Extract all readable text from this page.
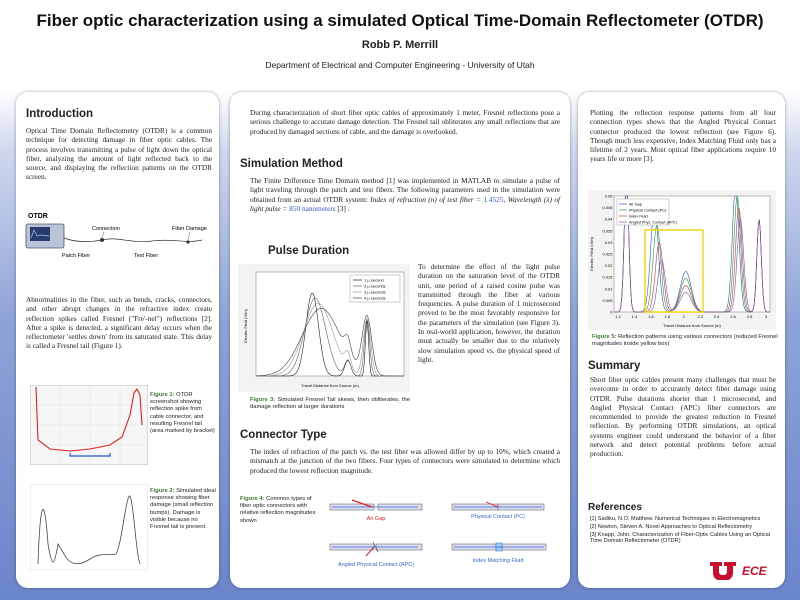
Fiber optic characterization using a simulated Optical Time-Domain Reflectometer (OTDR)
Robb P. Merrill
Department of Electrical and Computer Engineering - University of Utah
Introduction
Optical Time Domain Reflectometry (OTDR) is a common technique for detecting damage in fiber optic cables. The process involves transmitting a pulse of light down the optical fiber, analyzing the amount of light reflected back to the source, and displaying the reflection patterns on the OTDR screen.
OTDR
Connection	Fiber Damage
Patch Fiber	Test Fiber
Abnormalities in the fiber, such as bends, cracks, connectors, and other abrupt changes in the refractive index create reflection spikes called Fresnel ("Fre'-nel") reflections [2]. After a spike is detected, a significant delay occurs when the reflectometer 'settles down' from its saturated state. This delay is called a Fresnel tail (Figure 1).
Figure 1: OTDR screenshot showing reflection spike from cable connector, and resulting Fresnel tail (area marked by bracket)
Figure 2: Simulated ideal response showing fiber damage (small reflection bumps). Damage is visible because no Fresnel tail is present.
During characterization of short fiber optic cables of approximately 1 meter, Fresnel reflections pose a serious challenge to accurate damage detection. The Fresnel tail obliterates any small reflections that are produced by damaged sections of cable, and the damage is overlooked.
Simulation Method
The Finite Difference Time Domain method [1] was implemented in MATLAB to simulate a pulse of light traveling through the patch and test fibers. The following parameters used in the simulation were obtained from an actual OTDR system: Index of refraction (n) of test fiber = 1.4525, Wavelength (λ) of light pulse = 850 nanometers [3] .
Pulse Duration
1 μ second
2 μ seconds
3 μ seconds
4 μ seconds
Travel Distance from Source (m)
Electric Field (V/m)
To determine the effect of the light pulse duration on the saturation level of the OTDR unit, one period of a raised cosine pulse was transmitted through the fiber at various frequencies. A pulse duration of 1 microsecond proved to be the most favorably responsive for the parameters of the simulation (see Figure 3). In real-world application, however, the duration must actually be smaller due to the relatively slow simulation speed vs. the physical speed of light.
Figure 3: Simulated Fresnel Tail skews, then obliterates, the damage reflection at larger durations
Connector Type
The index of refraction of the patch vs. the test fiber was allowed differ by up to 10%, which created a mismatch at the junction of the two fibers. Four types of connectors were simulated to determine which produced the lowest reflection magnitude.
Figure 4: Common types of fiber optic connectors with relative reflection magnitudes shown	Air Gap	Physical Contact (PC)
Angled Physical Contact (APC)
Index Matching Fluid
Plotting the reflection response patterns from all four connection types shows that the Angled Physical Contact connector produced the lowest reflection (see Figure 6). Though much less expensive, Index Matching Fluid only has a lifetime of 2 years. Most optical fiber applications require 10 years life or more [3].
0.05
0.045
0.04
0.035
0.03
0.025
0.02
0.015
0.01
0.005
0
1.2	1.4	1.6	1.8	2	2.2	2.4	2.6	2.8	3
Air Gap
Physical Contact (PC)
Index Fluid
Angled Phys. Contact (APC)
Travel Distance from Source (m)
Electric Field (V/m)
Figure 5: Reflection patterns using various connectors (reduced Fresnel magnitudes inside yellow box)
Summary
Short fiber optic cables present many challenges that must be overcome in order to accurately detect fiber damage using OTDR. Pulse durations shorter than 1 microsecond, and Angled Physical Contact (APC) fiber connectors are recommended to provide the greatest reduction in Fresnel reflection. By performing OTDR simulations, an optical systems engineer could understand the behavior of a fiber network and detect potential problems before actual production.
References
[1] Sadiku, N.O. Matthew. Numerical Techniques in Electromagnetics
[2] Newton, Steven A. Novel Approaches to Optical Reflectometry
[3] Knapp, John. Characterization of Fiber-Optic Cables Using an Optical Time Domain Reflectometer (OTDR)
ECE
